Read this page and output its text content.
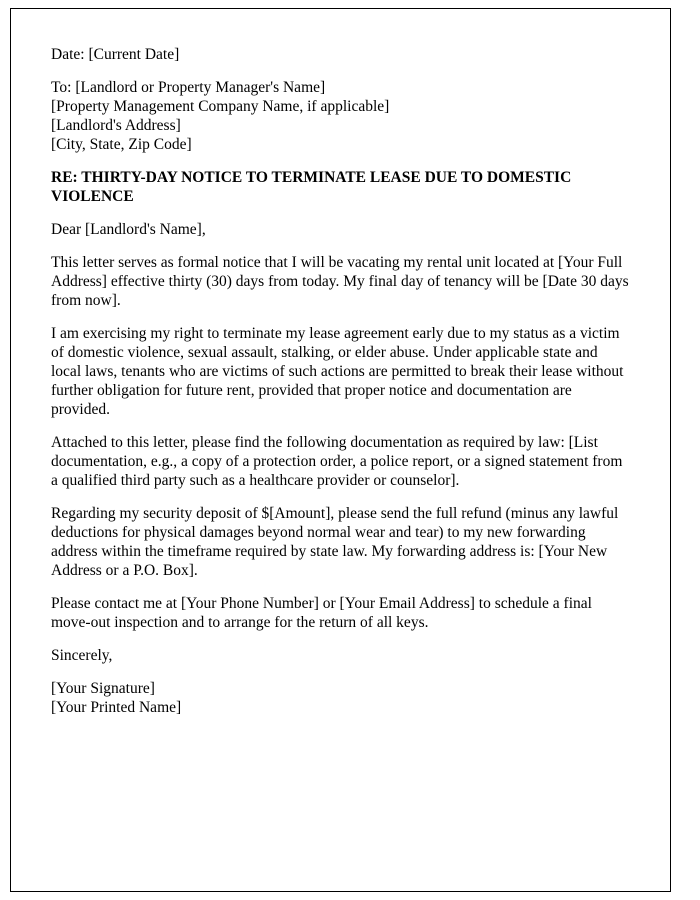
Date: [Current Date]

To: [Landlord or Property Manager's Name]
[Property Management Company Name, if applicable]
[Landlord's Address]
[City, State, Zip Code]

RE: THIRTY-DAY NOTICE TO TERMINATE LEASE DUE TO DOMESTIC VIOLENCE

Dear [Landlord's Name],

This letter serves as formal notice that I will be vacating my rental unit located at [Your Full Address] effective thirty (30) days from today. My final day of tenancy will be [Date 30 days from now].

I am exercising my right to terminate my lease agreement early due to my status as a victim of domestic violence, sexual assault, stalking, or elder abuse. Under applicable state and local laws, tenants who are victims of such actions are permitted to break their lease without further obligation for future rent, provided that proper notice and documentation are provided.

Attached to this letter, please find the following documentation as required by law: [List documentation, e.g., a copy of a protection order, a police report, or a signed statement from a qualified third party such as a healthcare provider or counselor].

Regarding my security deposit of $[Amount], please send the full refund (minus any lawful deductions for physical damages beyond normal wear and tear) to my new forwarding address within the timeframe required by state law. My forwarding address is: [Your New Address or a P.O. Box].

Please contact me at [Your Phone Number] or [Your Email Address] to schedule a final move-out inspection and to arrange for the return of all keys.

Sincerely,

[Your Signature]
[Your Printed Name]
